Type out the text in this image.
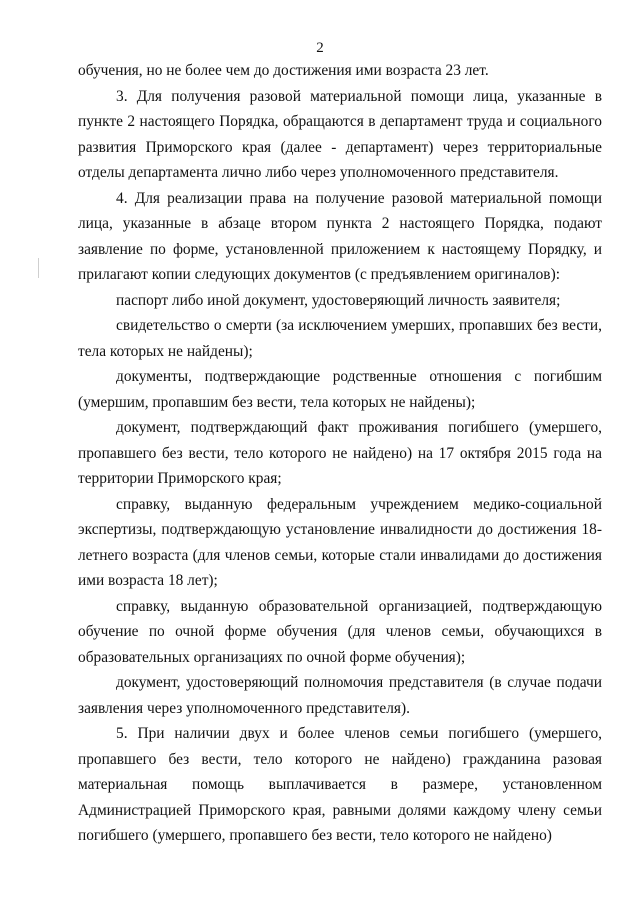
2

обучения, но не более чем до достижения ими возраста 23 лет.

3. Для получения разовой материальной помощи лица, указанные в пункте 2 настоящего Порядка, обращаются в департамент труда и социального развития Приморского края (далее - департамент) через территориальные отделы департамента лично либо через уполномоченного представителя.

4. Для реализации права на получение разовой материальной помощи лица, указанные в абзаце втором пункта 2 настоящего Порядка, подают заявление по форме, установленной приложением к настоящему Порядку, и прилагают копии следующих документов (с предъявлением оригиналов):

паспорт либо иной документ, удостоверяющий личность заявителя;

свидетельство о смерти (за исключением умерших, пропавших без вести, тела которых не найдены);

документы, подтверждающие родственные отношения с погибшим (умершим, пропавшим без вести, тела которых не найдены);

документ, подтверждающий факт проживания погибшего (умершего, пропавшего без вести, тело которого не найдено) на 17 октября 2015 года на территории Приморского края;

справку, выданную федеральным учреждением медико-социальной экспертизы, подтверждающую установление инвалидности до достижения 18-летнего возраста (для членов семьи, которые стали инвалидами до достижения ими возраста 18 лет);

справку, выданную образовательной организацией, подтверждающую обучение по очной форме обучения (для членов семьи, обучающихся в образовательных организациях по очной форме обучения);

документ, удостоверяющий полномочия представителя (в случае подачи заявления через уполномоченного представителя).

5. При наличии двух и более членов семьи погибшего (умершего, пропавшего без вести, тело которого не найдено) гражданина разовая материальная помощь выплачивается в размере, установленном Администрацией Приморского края, равными долями каждому члену семьи погибшего (умершего, пропавшего без вести, тело которого не найдено)
